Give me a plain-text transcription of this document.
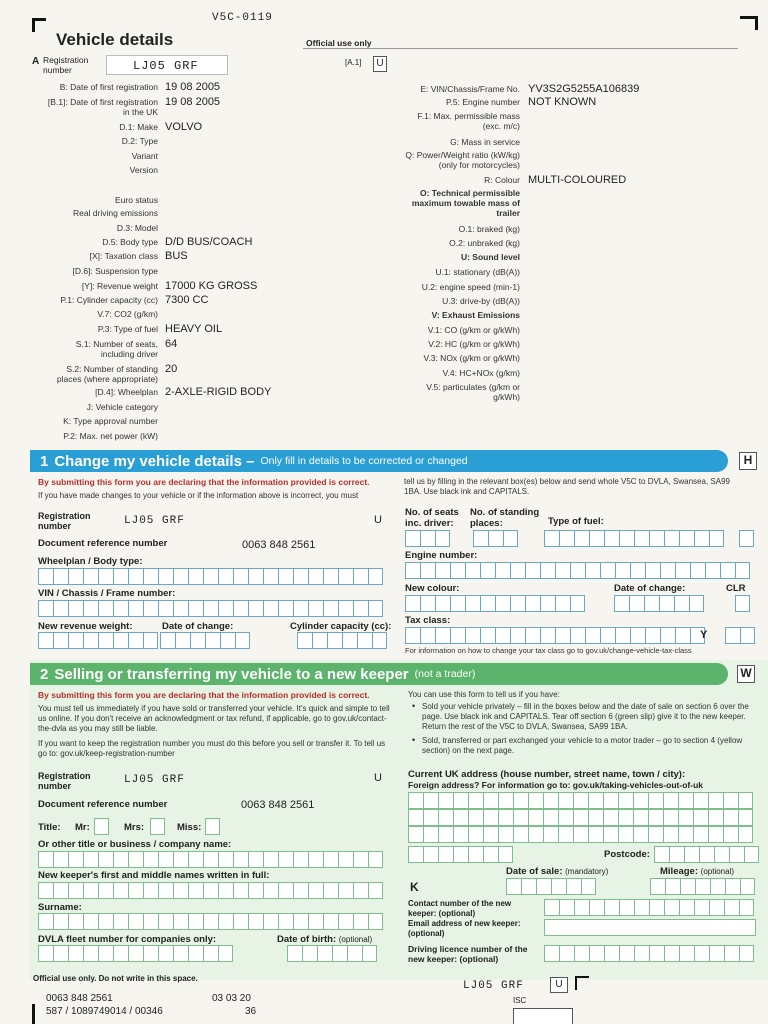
V5C-0119
Vehicle details	Official use only
A Registration number	LJ05 GRF	[A.1]	U
B: Date of first registration 19 08 2005
[B.1]: Date of first registration in the UK
19 08 2005
D.1: Make VOLVO
D.2: Type
Variant
Version
Euro status
Real driving emissions
D.3: Model
D.5: Body type D/D BUS/COACH
[X]: Taxation class BUS
[D.6]: Suspension type
[Y]: Revenue weight 17000 KG GROSS
P.1: Cylinder capacity (cc) 7300 CC
V.7: CO2 (g/km)
P.3: Type of fuel HEAVY OIL
S.1: Number of seats, including driver
64
S.2: Number of standing places (where appropriate)
20
[D.4]: Wheelplan 2-AXLE-RIGID BODY
J: Vehicle category
K: Type approval number
P.2: Max. net power (kW)
E: VIN/Chassis/Frame No. YV3S2G5255A106839
P.5: Engine number NOT KNOWN
F.1: Max. permissible mass (exc. m/c)
G: Mass in service
Q: Power/Weight ratio (kW/kg) (only for motorcycles)
R: Colour MULTI-COLOURED
O: Technical permissible maximum towable mass of trailer
O.1: braked (kg)
O.2: unbraked (kg)
U: Sound level
U.1: stationary (dB(A))
U.2: engine speed (min-1)
U.3: drive-by (dB(A))
V: Exhaust Emissions
V.1: CO (g/km or g/kWh)
V.2: HC (g/km or g/kWh)
V.3: NOx (g/km or g/kWh)
V.4: HC+NOx (g/km)
V.5: particulates (g/km or g/kWh)
1 Change my vehicle details – Only fill in details to be corrected or changed	H
By submitting this form you are declaring that the information provided is correct.
If you have made changes to your vehicle or if the information above is incorrect, you must
tell us by filling in the relevant box(es) below and send whole V5C to DVLA, Swansea, SA99 1BA. Use black ink and CAPITALS.
Registration number	LJ05 GRF	U
Document reference number	0063 848 2561
Wheelplan / Body type:
VIN / Chassis / Frame number:
New revenue weight:	Date of change:	Cylinder capacity (cc):
No. of seats inc. driver:
No. of standing places:	Type of fuel:
Engine number:
New colour:	Date of change:	CLR
Tax class:
Y
For information on how to change your tax class go to gov.uk/change-vehicle-tax-class
2 Selling or transferring my vehicle to a new keeper (not a trader)	W
By submitting this form you are declaring that the information provided is correct.
You must tell us immediately if you have sold or transferred your vehicle. It's quick and simple to tell us online. If you don't receive an acknowledgment or tax refund, if applicable, go to gov.uk/contact-the-dvla as you may still be liable.
If you want to keep the registration number you must do this before you sell or transfer it. To tell us go to: gov.uk/keep-registration-number
You can use this form to tell us if you have:
Sold your vehicle privately – fill in the boxes below and the date of sale on section 6 over the page. Use black ink and CAPITALS. Tear off section 6 (green slip) give it to the new keeper. Return the rest of the V5C to DVLA, Swansea, SA99 1BA.
Sold, transferred or part exchanged your vehicle to a motor trader – go to section 4 (yellow section) on the next page.
•
•
Registration number	LJ05 GRF	U
Document reference number	0063 848 2561
Title: Mr:	Mrs:	Miss:
Or other title or business / company name:
New keeper's first and middle names written in full:
Surname:
DVLA fleet number for companies only:	Date of birth: (optional)
Current UK address (house number, street name, town / city):
Foreign address? For information go to: gov.uk/taking-vehicles-out-of-uk
Postcode:
Date of sale: (mandatory)	Mileage: (optional)
K
Contact number of the new keeper: (optional)
Email address of new keeper: (optional)
Driving licence number of the new keeper: (optional)
Official use only. Do not write in this space.
0063 848 2561
587 / 1089749014 / 00346
03 03 20
36
LJ05 GRF	U
ISC
